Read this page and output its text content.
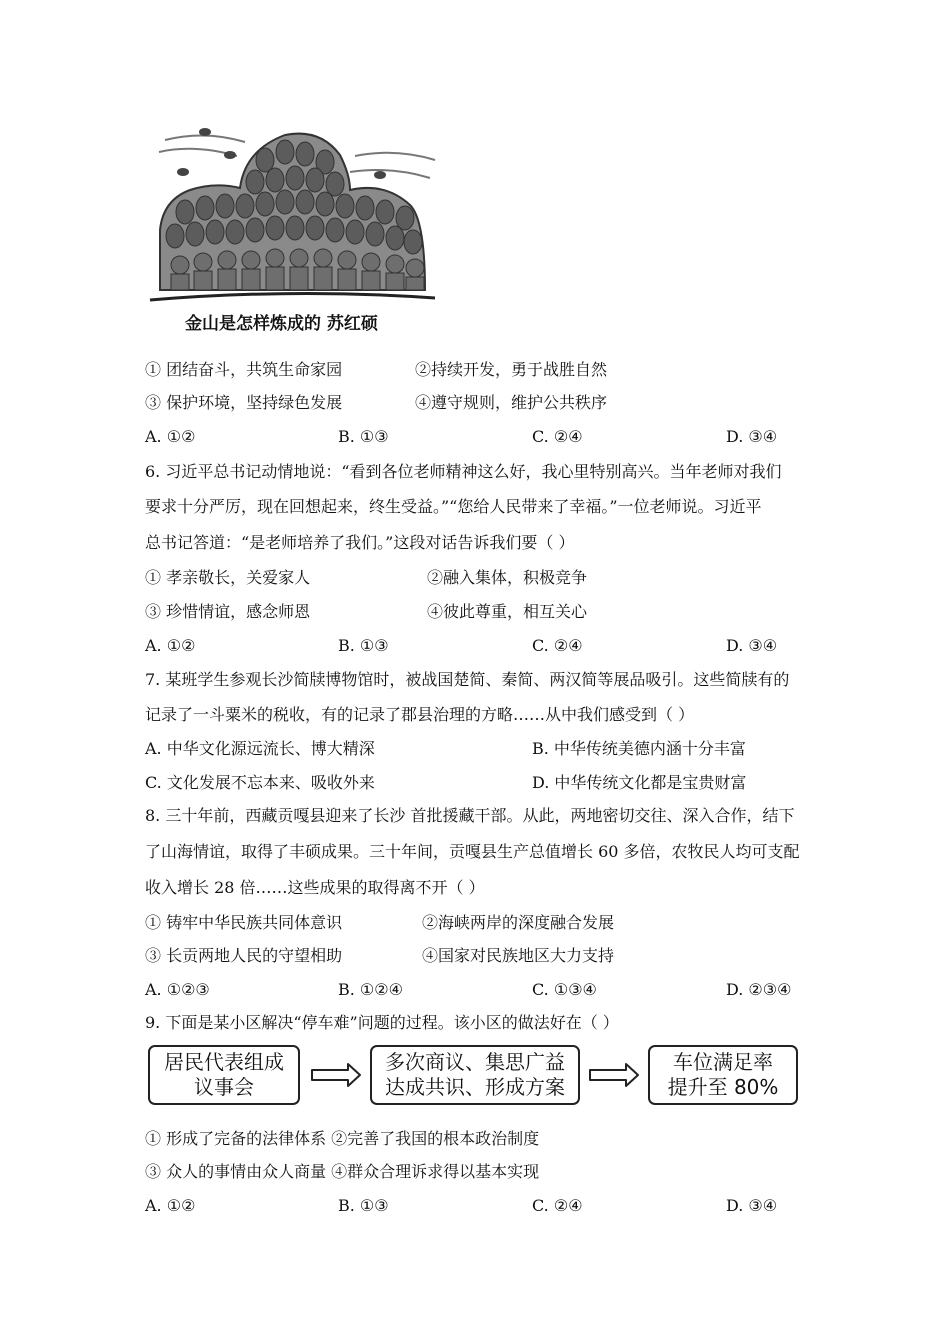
金山是怎样炼成的 苏红硕
① 团结奋斗，共筑生命家园	②持续开发，勇于战胜自然
③ 保护环境，坚持绿色发展	④遵守规则，维护公共秩序
A. ①②	B. ①③	C. ②④	D. ③④
6. 习近平总书记动情地说：“看到各位老师精神这么好，我心里特别高兴。当年老师对我们
要求十分严厉，现在回想起来，终生受益。”“您给人民带来了幸福。”一位老师说。习近平
总书记答道：“是老师培养了我们。”这段对话告诉我们要（ ）
① 孝亲敬长，关爱家人	②融入集体，积极竞争
③ 珍惜情谊，感念师恩	④彼此尊重，相互关心
A. ①②	B. ①③	C. ②④	D. ③④
7. 某班学生参观长沙简牍博物馆时，被战国楚简、秦简、两汉简等展品吸引。这些简牍有的
记录了一斗粟米的税收，有的记录了郡县治理的方略……从中我们感受到（ ）
A. 中华文化源远流长、博大精深	B. 中华传统美德内涵十分丰富
C. 文化发展不忘本来、吸收外来	D. 中华传统文化都是宝贵财富
8. 三十年前，西藏贡嘎县迎来了长沙 首批援藏干部。从此，两地密切交往、深入合作，结下
了山海情谊，取得了丰硕成果。三十年间，贡嘎县生产总值增长 60 多倍，农牧民人均可支配
收入增长 28 倍……这些成果的取得离不开（ ）
① 铸牢中华民族共同体意识	②海峡两岸的深度融合发展
③ 长贡两地人民的守望相助	④国家对民族地区大力支持
A. ①②③	B. ①②④	C. ①③④	D. ②③④
9. 下面是某小区解决“停车难”问题的过程。该小区的做法好在（ ）
居民代表组成
议事会
多次商议、集思广益
达成共识、形成方案
车位满足率
提升至 80%
① 形成了完备的法律体系 ②完善了我国的根本政治制度
③ 众人的事情由众人商量 ④群众合理诉求得以基本实现
A. ①②	B. ①③	C. ②④	D. ③④
